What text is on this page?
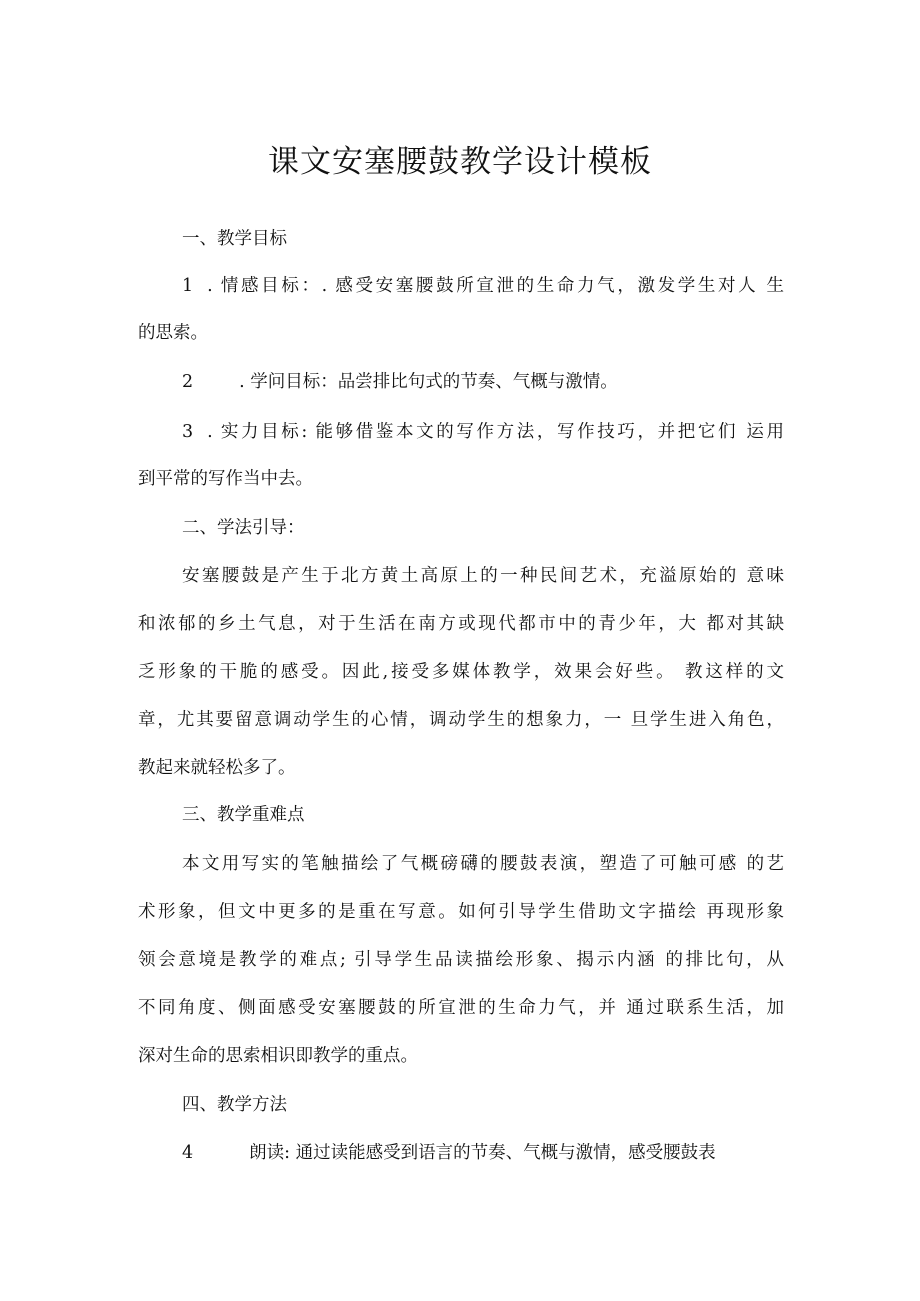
课文安塞腰鼓教学设计模板

一、教学目标

1 . 情感目标：. 感受安塞腰鼓所宣泄的生命力气，激发学生对人 生

的思索。

2	. 学问目标：品尝排比句式的节奏、气概与激情。

3 . 实力目标: 能够借鉴本文的写作方法，写作技巧，并把它们 运用

到平常的写作当中去。

二、学法引导：

安塞腰鼓是产生于北方黄土高原上的一种民间艺术，充溢原始的 意味

和浓郁的乡土气息，对于生活在南方或现代都市中的青少年，大 都对其缺

乏形象的干脆的感受。因此,接受多媒体教学，效果会好些。 教这样的文

章，尤其要留意调动学生的心情，调动学生的想象力，一 旦学生进入角色，

教起来就轻松多了。

三、教学重难点

本文用写实的笔触描绘了气概磅礴的腰鼓表演，塑造了可触可感 的艺

术形象，但文中更多的是重在写意。如何引导学生借助文字描绘 再现形象

领会意境是教学的难点; 引导学生品读描绘形象、揭示内涵 的排比句，从

不同角度、侧面感受安塞腰鼓的所宣泄的生命力气，并 通过联系生活，加

深对生命的思索相识即教学的重点。

四、教学方法

4	朗读: 通过读能感受到语言的节奏、气概与激情，感受腰鼓表
